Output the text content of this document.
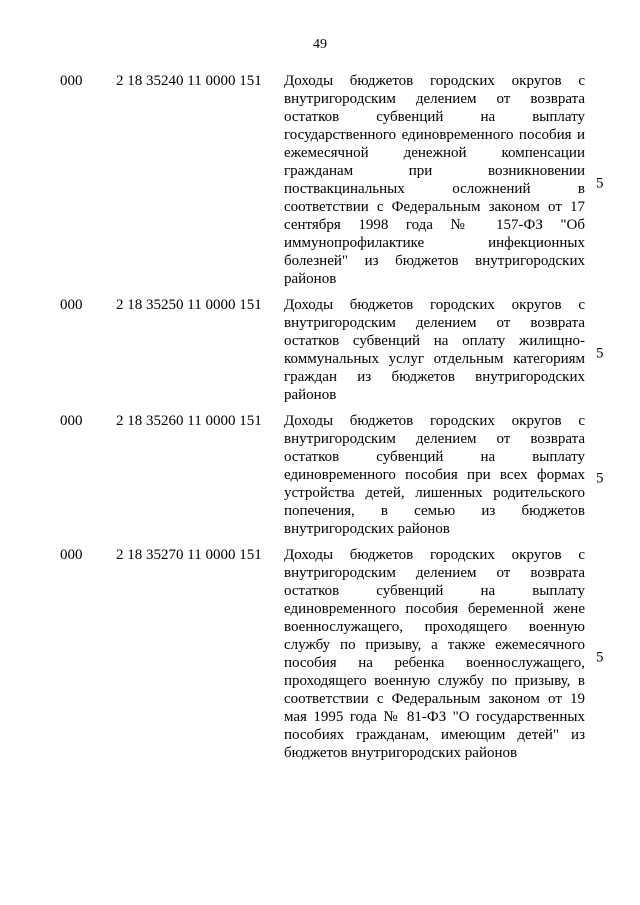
49
000 2 18 35240 11 0000 151 Доходы бюджетов городских округов с внутригородским делением от возврата остатков субвенций на выплату государственного единовременного пособия и ежемесячной денежной компенсации гражданам при возникновении поствакцинальных осложнений в соответствии с Федеральным законом от 17 сентября 1998 года № 157-ФЗ "Об иммунопрофилактике инфекционных болезней" из бюджетов внутригородских районов
5
000 2 18 35250 11 0000 151 Доходы бюджетов городских округов с внутригородским делением от возврата остатков субвенций на оплату жилищно-коммунальных услуг отдельным категориям граждан из бюджетов внутригородских районов
5
000 2 18 35260 11 0000 151 Доходы бюджетов городских округов с внутригородским делением от возврата остатков субвенций на выплату единовременного пособия при всех формах устройства детей, лишенных родительского попечения, в семью из бюджетов внутригородских районов
5
000 2 18 35270 11 0000 151 Доходы бюджетов городских округов с внутригородским делением от возврата остатков субвенций на выплату единовременного пособия беременной жене военнослужащего, проходящего военную службу по призыву, а также ежемесячного пособия на ребенка военнослужащего, проходящего военную службу по призыву, в соответствии с Федеральным законом от 19 мая 1995 года № 81-ФЗ "О государственных пособиях гражданам, имеющим детей" из бюджетов внутригородских районов
5
